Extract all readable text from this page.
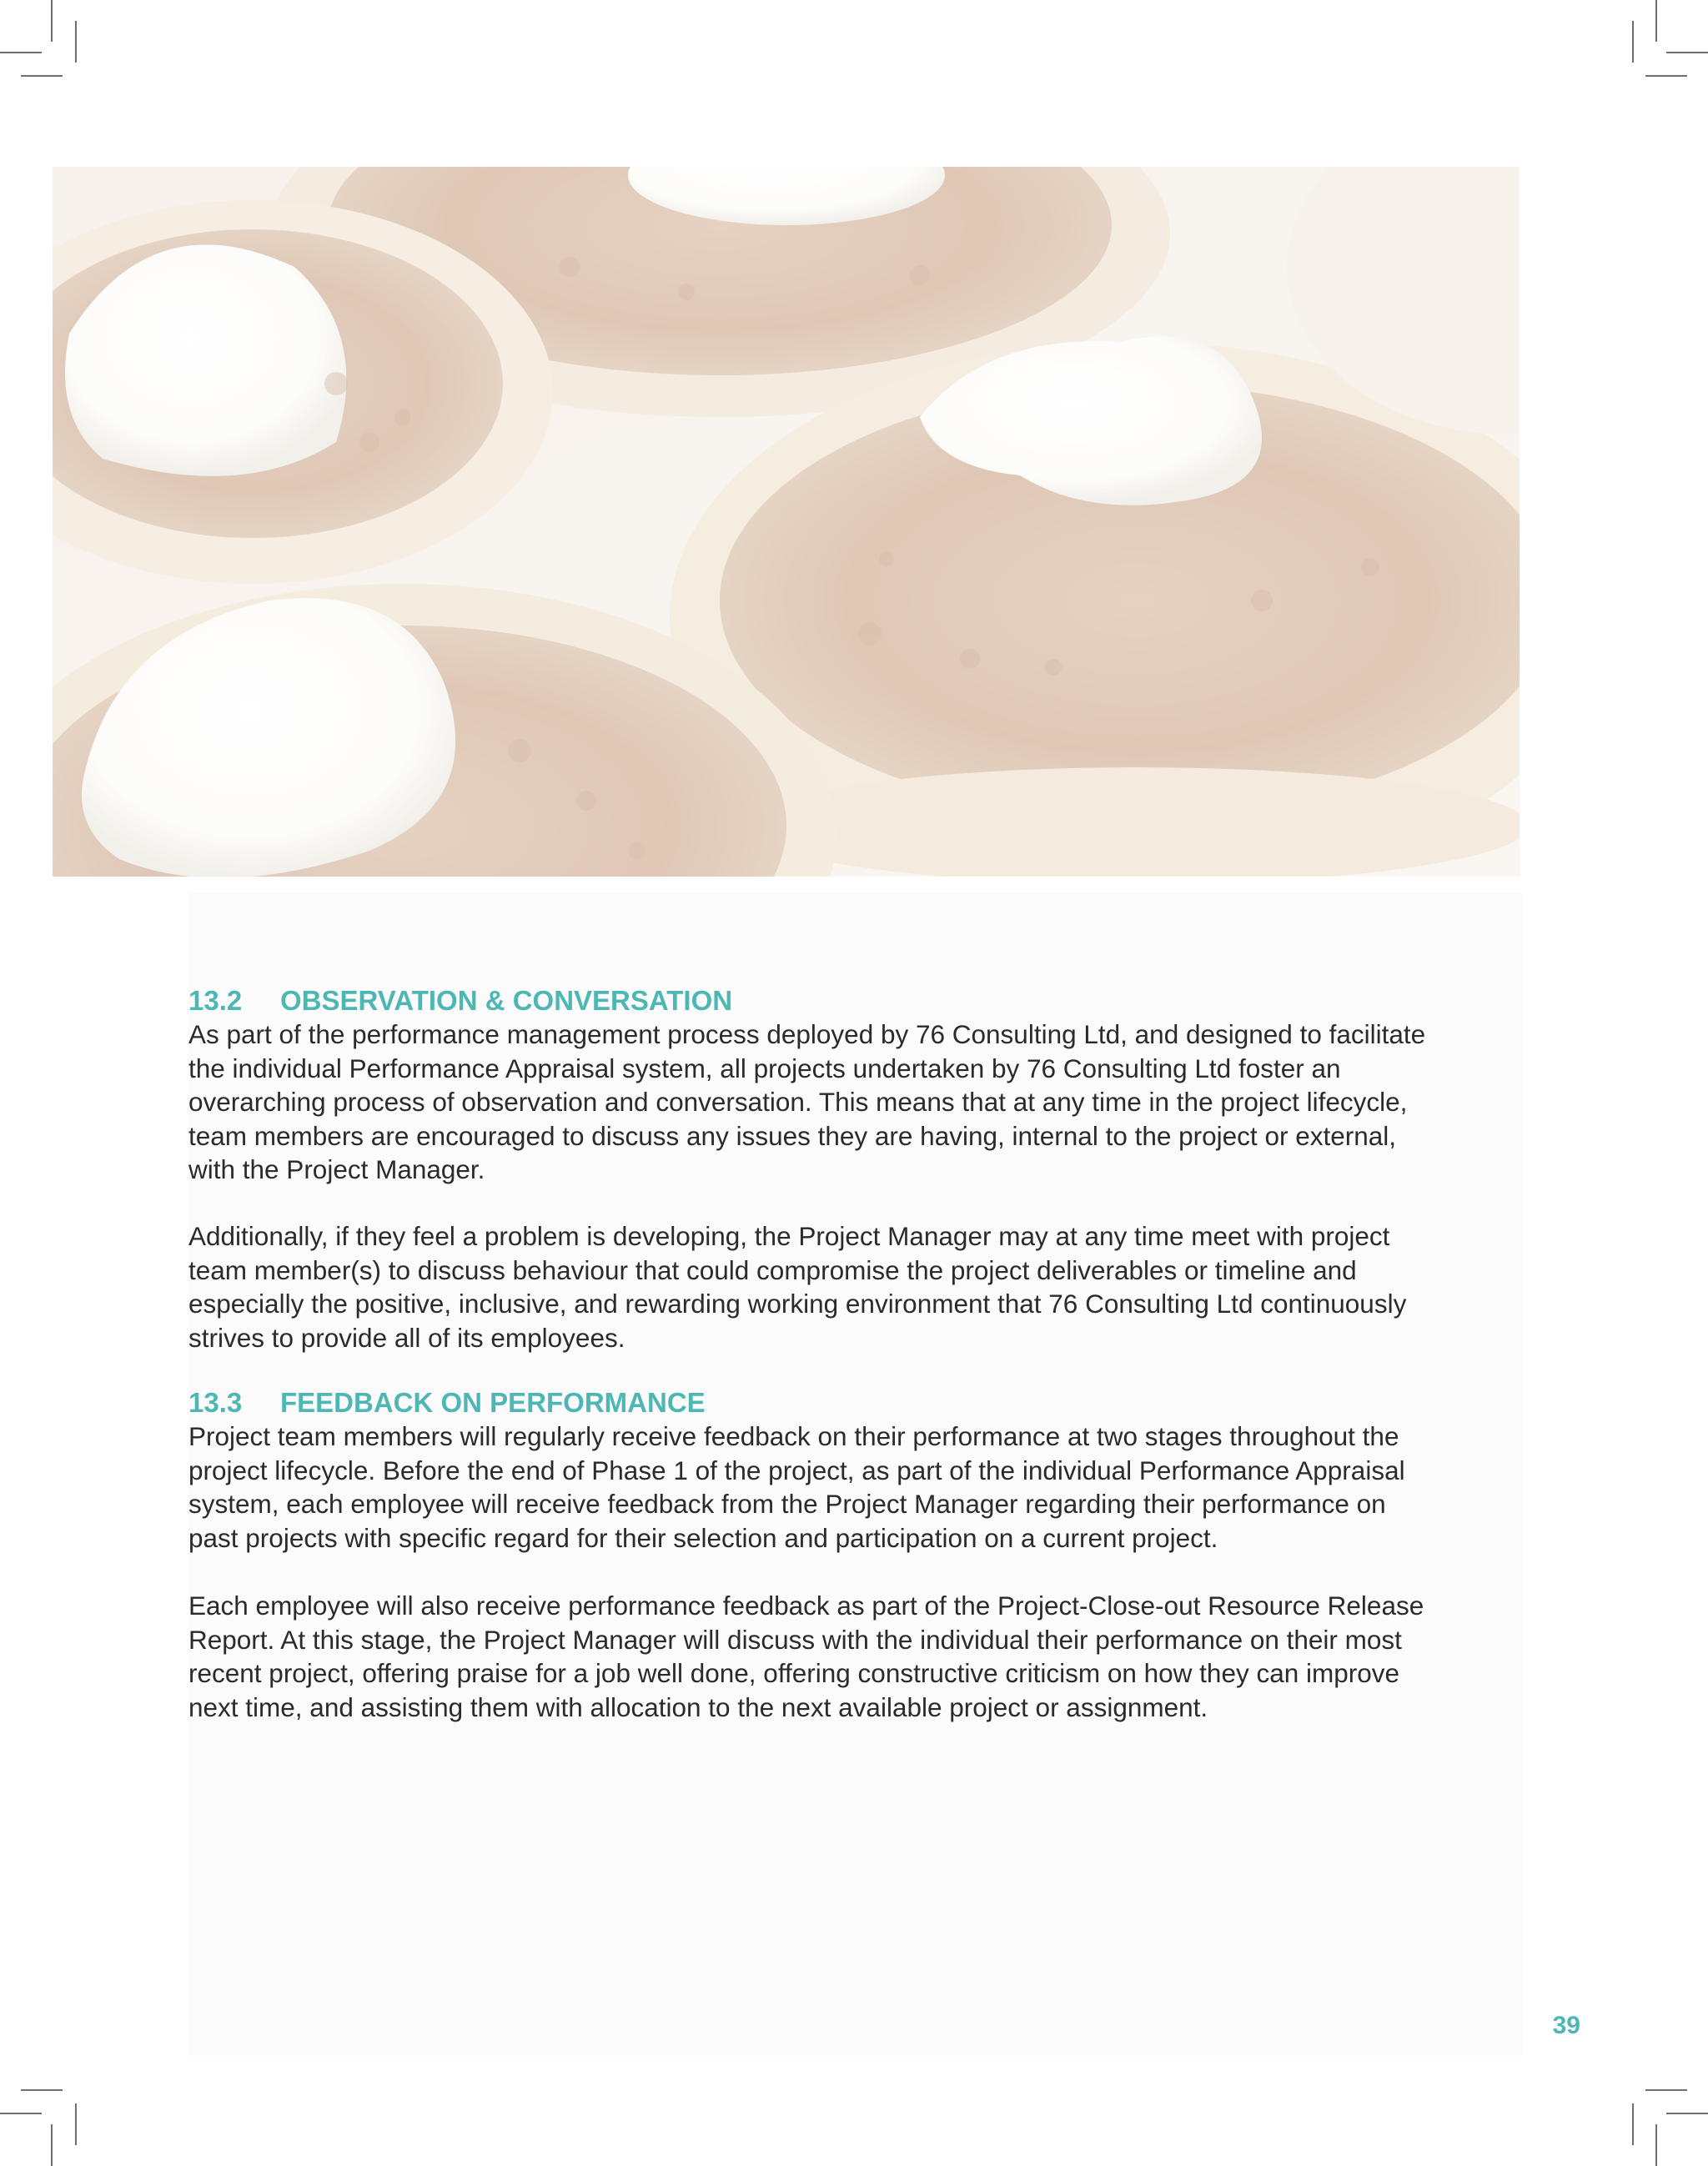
13.2 OBSERVATION & CONVERSATION

As part of the performance management process deployed by 76 Consulting Ltd, and designed to facilitate
the individual Performance Appraisal system, all projects undertaken by 76 Consulting Ltd foster an
overarching process of observation and conversation. This means that at any time in the project lifecycle,
team members are encouraged to discuss any issues they are having, internal to the project or external,
with the Project Manager.

Additionally, if they feel a problem is developing, the Project Manager may at any time meet with project
team member(s) to discuss behaviour that could compromise the project deliverables or timeline and
especially the positive, inclusive, and rewarding working environment that 76 Consulting Ltd continuously
strives to provide all of its employees.

13.3 FEEDBACK ON PERFORMANCE

Project team members will regularly receive feedback on their performance at two stages throughout the
project lifecycle. Before the end of Phase 1 of the project, as part of the individual Performance Appraisal
system, each employee will receive feedback from the Project Manager regarding their performance on
past projects with specific regard for their selection and participation on a current project.

Each employee will also receive performance feedback as part of the Project-Close-out Resource Release
Report. At this stage, the Project Manager will discuss with the individual their performance on their most
recent project, offering praise for a job well done, offering constructive criticism on how they can improve
next time, and assisting them with allocation to the next available project or assignment.

39
